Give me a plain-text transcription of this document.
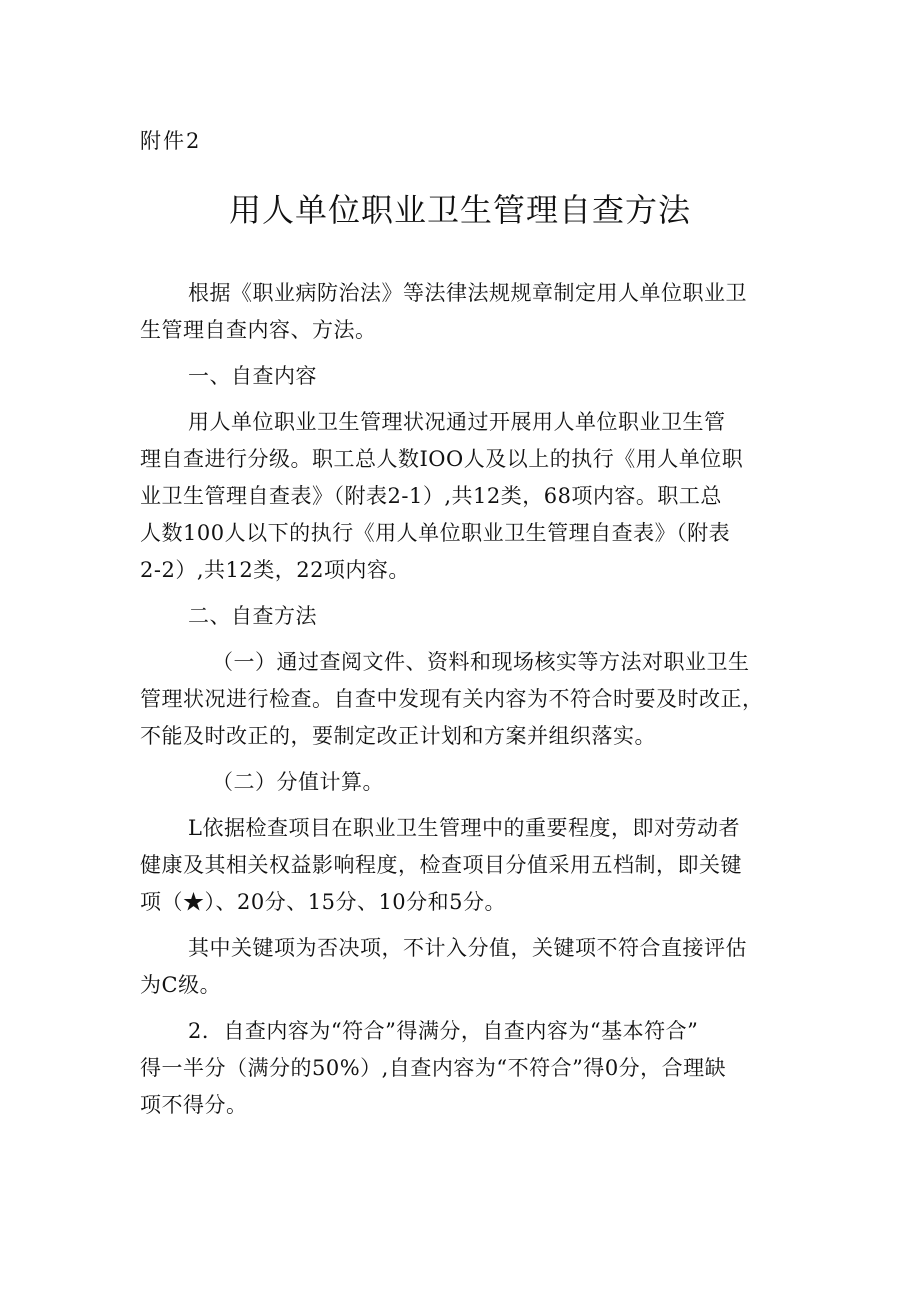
附件2
用人单位职业卫生管理自查方法
根据《职业病防治法》等法律法规规章制定用人单位职业卫
生管理自查内容、方法。
一、自查内容
用人单位职业卫生管理状况通过开展用人单位职业卫生管
理自查进行分级。职工总人数IOO人及以上的执行《用人单位职
业卫生管理自查表》（附表2-1）,共12类，68项内容。职工总
人数100人以下的执行《用人单位职业卫生管理自查表》（附表
2-2）,共12类，22项内容。
二、自查方法
（一）通过查阅文件、资料和现场核实等方法对职业卫生
管理状况进行检查。自查中发现有关内容为不符合时要及时改正，
不能及时改正的，要制定改正计划和方案并组织落实。
（二）分值计算。
L依据检查项目在职业卫生管理中的重要程度，即对劳动者
健康及其相关权益影响程度，检查项目分值采用五档制，即关键
项（★）、20分、15分、10分和5分。
其中关键项为否决项，不计入分值，关键项不符合直接评估
为C级。
2．自查内容为“符合”得满分，自查内容为“基本符合”
得一半分（满分的50%）,自查内容为“不符合”得0分，合理缺
项不得分。
